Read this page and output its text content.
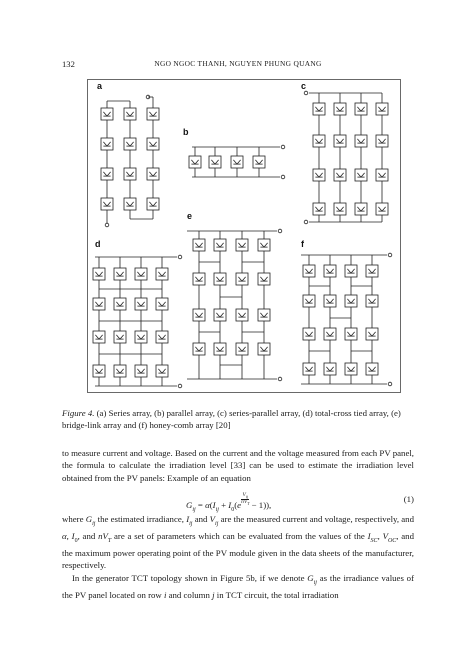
132	NGO NGOC THANH, NGUYEN PHUNG QUANG
a
b
c
d
e
f
Figure 4. (a) Series array, (b) parallel array, (c) series-parallel array, (d) total-cross tied array, (e) bridge-link array and (f) honey-comb array [20]

to measure current and voltage. Based on the current and the voltage measured from each PV panel, the formula to calculate the irradiation level [33] can be used to estimate the irradiation level obtained from the PV panels: Example of an equation

$G_{ij} = \alpha(I_{ij} + I_0(e \frac{V_{ij}}{nV_T} - 1))$,
(1)

where $G_{ij}$ the estimated irradiance, $I_{ij}$ and $V_{ij}$ are the measured current and voltage, respectively, and α, $I_0$, and $nV_T$ are a set of parameters which can be evaluated from the values of the $I_{SC}$, $V_{OC}$, and the maximum power operating point of the PV module given in the data sheets of the manufacturer, respectively.

In the generator TCT topology shown in Figure 5b, if we denote $G_{ij}$ as the irradiance values of the PV panel located on row i and column j in TCT circuit, the total irradiation
